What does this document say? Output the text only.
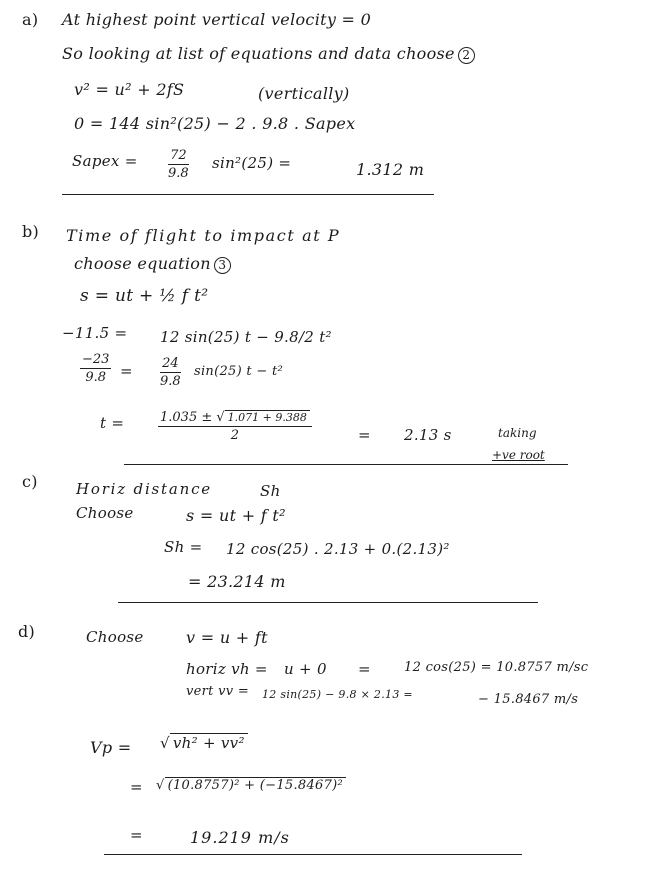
a) At highest point vertical velocity = 0
So looking at list of equations and data choose 2
v² = u² + 2fS	(vertically)
0 = 144 sin²(25) − 2 . 9.8 . Sapex
Sapex = $\frac{72}{9.8} \sin^2(25)$ =	1.312 m
b) Time of flight to impact at P
choose equation 3
s = ut + ½ f t²
−11.5 = 12 sin(25) t − 9.8/2 t²
$\frac{-23}{9.8} = \frac{24}{9.8} \sin(25) t - t^2$
t =	$\frac{1.035 \pm √ 1.071 + 9.388}{2}$	= 2.13 s	taking
+ve root
c)	Horiz distance	Sh
Choose	s = ut + f t²
Sh = 12 cos(25) . 2.13 + 0.(2.13)²
= 23.214 m
d)	Choose	v = u + ft
horiz vh = u + 0 =	12 cos(25) = 10.8757 m/sc
vert vv = 12 sin(25) − 9.8 × 2.13 =	− 15.8467 m/s
Vp = √ vh² + vv²
= √ (10.8757)² + (−15.8467)²
=	19.219 m/s
